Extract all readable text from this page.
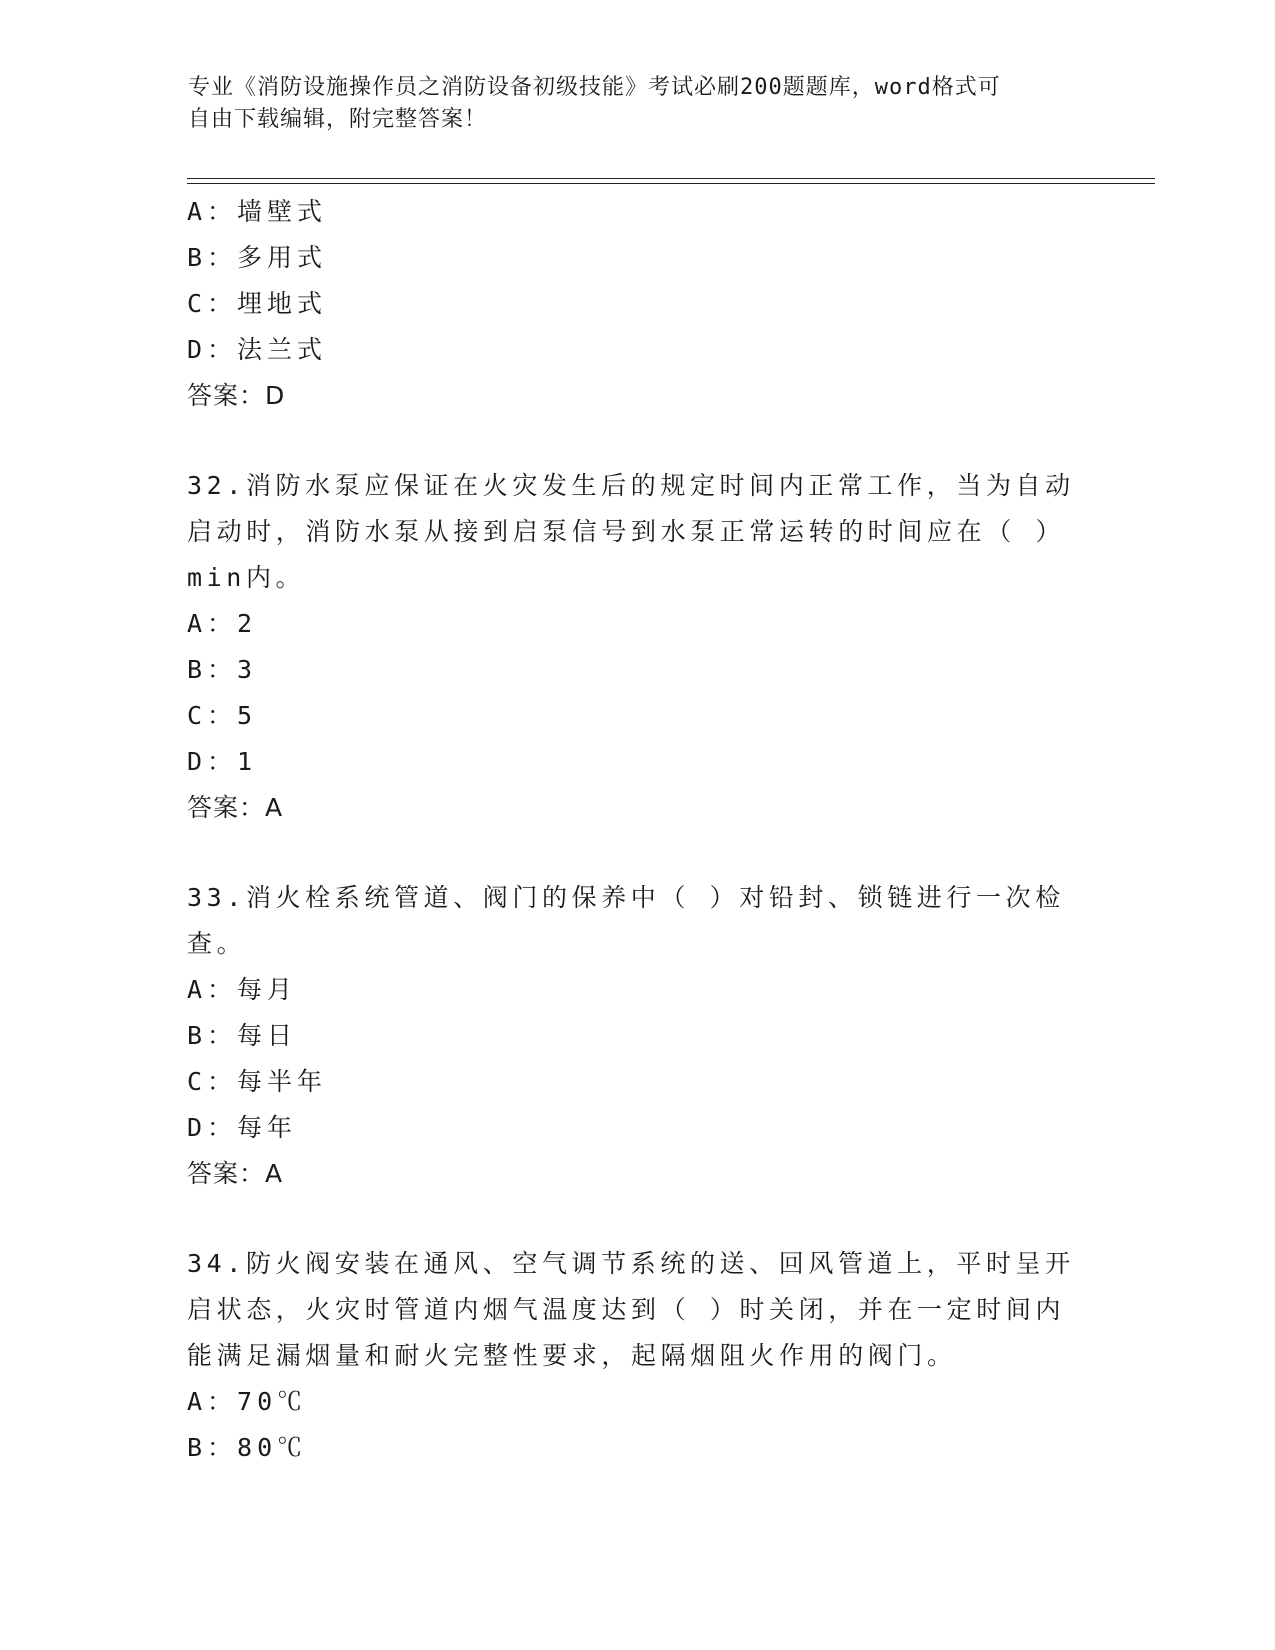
专业《消防设施操作员之消防设备初级技能》考试必刷200题题库，word格式可
自由下载编辑，附完整答案！
A：墙壁式
B：多用式
C：埋地式
D：法兰式
答案：D
32.消防水泵应保证在火灾发生后的规定时间内正常工作，当为自动启动时，消防水泵从接到启泵信号到水泵正常运转的时间应在（ ）min内。
A：2
B：3
C：5
D：1
答案：A
33.消火栓系统管道、阀门的保养中（ ）对铅封、锁链进行一次检查。
A：每月
B：每日
C：每半年
D：每年
答案：A
34.防火阀安装在通风、空气调节系统的送、回风管道上，平时呈开启状态，火灾时管道内烟气温度达到（ ）时关闭，并在一定时间内能满足漏烟量和耐火完整性要求，起隔烟阻火作用的阀门。
A：70℃
B：80℃
